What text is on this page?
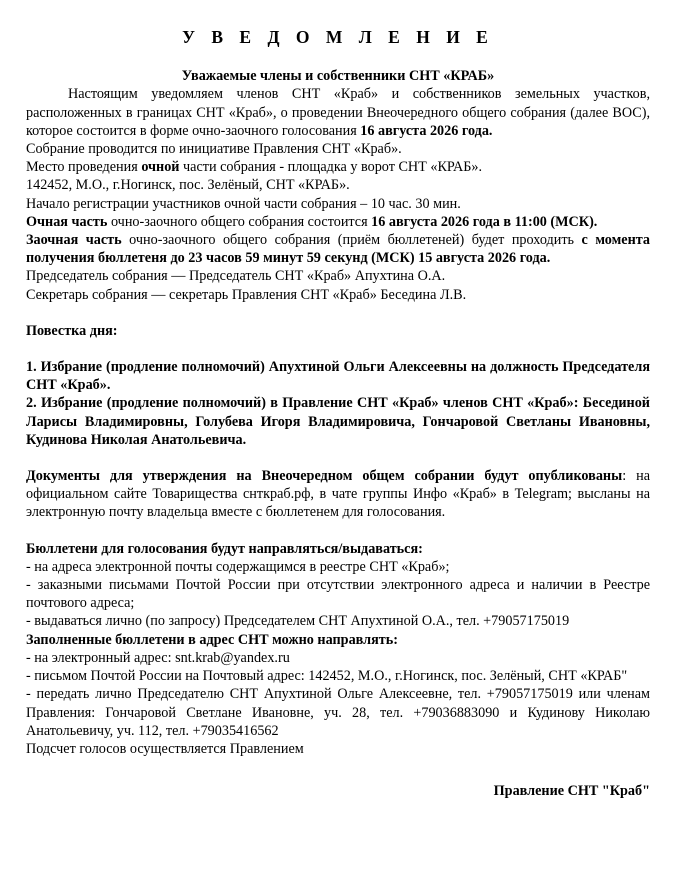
У В Е Д О М Л Е Н И Е

Уважаемые члены и собственники СНТ «КРАБ»

Настоящим уведомляем членов СНТ «Краб» и собственников земельных участков, расположенных в границах СНТ «Краб», о проведении Внеочередного общего собрания (далее ВОС), которое состоится в форме очно-заочного голосования 16 августа 2026 года.

Собрание проводится по инициативе Правления СНТ «Краб».

Место проведения очной части собрания - площадка у ворот СНТ «КРАБ».

142452, М.О., г.Ногинск, пос. Зелёный, СНТ «КРАБ».

Начало регистрации участников очной части собрания – 10 час. 30 мин.

Очная часть очно-заочного общего собрания состоится 16 августа 2026 года в 11:00 (МСК).

Заочная часть очно-заочного общего собрания (приём бюллетеней) будет проходить с момента получения бюллетеня до 23 часов 59 минут 59 секунд (МСК) 15 августа 2026 года.

Председатель собрания — Председатель СНТ «Краб» Апухтина О.А.

Секретарь собрания — секретарь Правления СНТ «Краб» Беседина Л.В.

Повестка дня:

1. Избрание (продление полномочий) Апухтиной Ольги Алексеевны на должность Председателя СНТ «Краб».

2. Избрание (продление полномочий) в Правление СНТ «Краб» членов СНТ «Краб»: Бесединой Ларисы Владимировны, Голубева Игоря Владимировича, Гончаровой Светланы Ивановны, Кудинова Николая Анатольевича.

Документы для утверждения на Внеочередном общем собрании будут опубликованы: на официальном сайте Товарищества снткраб.рф, в чате группы Инфо «Краб» в Telegram; высланы на электронную почту владельца вместе с бюллетенем для голосования.

Бюллетени для голосования будут направляться/выдаваться:

- на адреса электронной почты содержащимся в реестре СНТ «Краб»;

- заказными письмами Почтой России при отсутствии электронного адреса и наличии в Реестре почтового адреса;

- выдаваться лично (по запросу) Председателем СНТ Апухтиной О.А., тел. +79057175019

Заполненные бюллетени в адрес СНТ можно направлять:

- на электронный адрес: snt.krab@yandex.ru

- письмом Почтой России на Почтовый адрес: 142452, М.О., г.Ногинск, пос. Зелёный, СНТ «КРАБ"

- передать лично Председателю СНТ Апухтиной Ольге Алексеевне, тел. +79057175019 или членам Правления: Гончаровой Светлане Ивановне, уч. 28, тел. +79036883090 и Кудинову Николаю Анатольевичу, уч. 112, тел. +79035416562

Подсчет голосов осуществляется Правлением

Правление СНТ "Краб"
